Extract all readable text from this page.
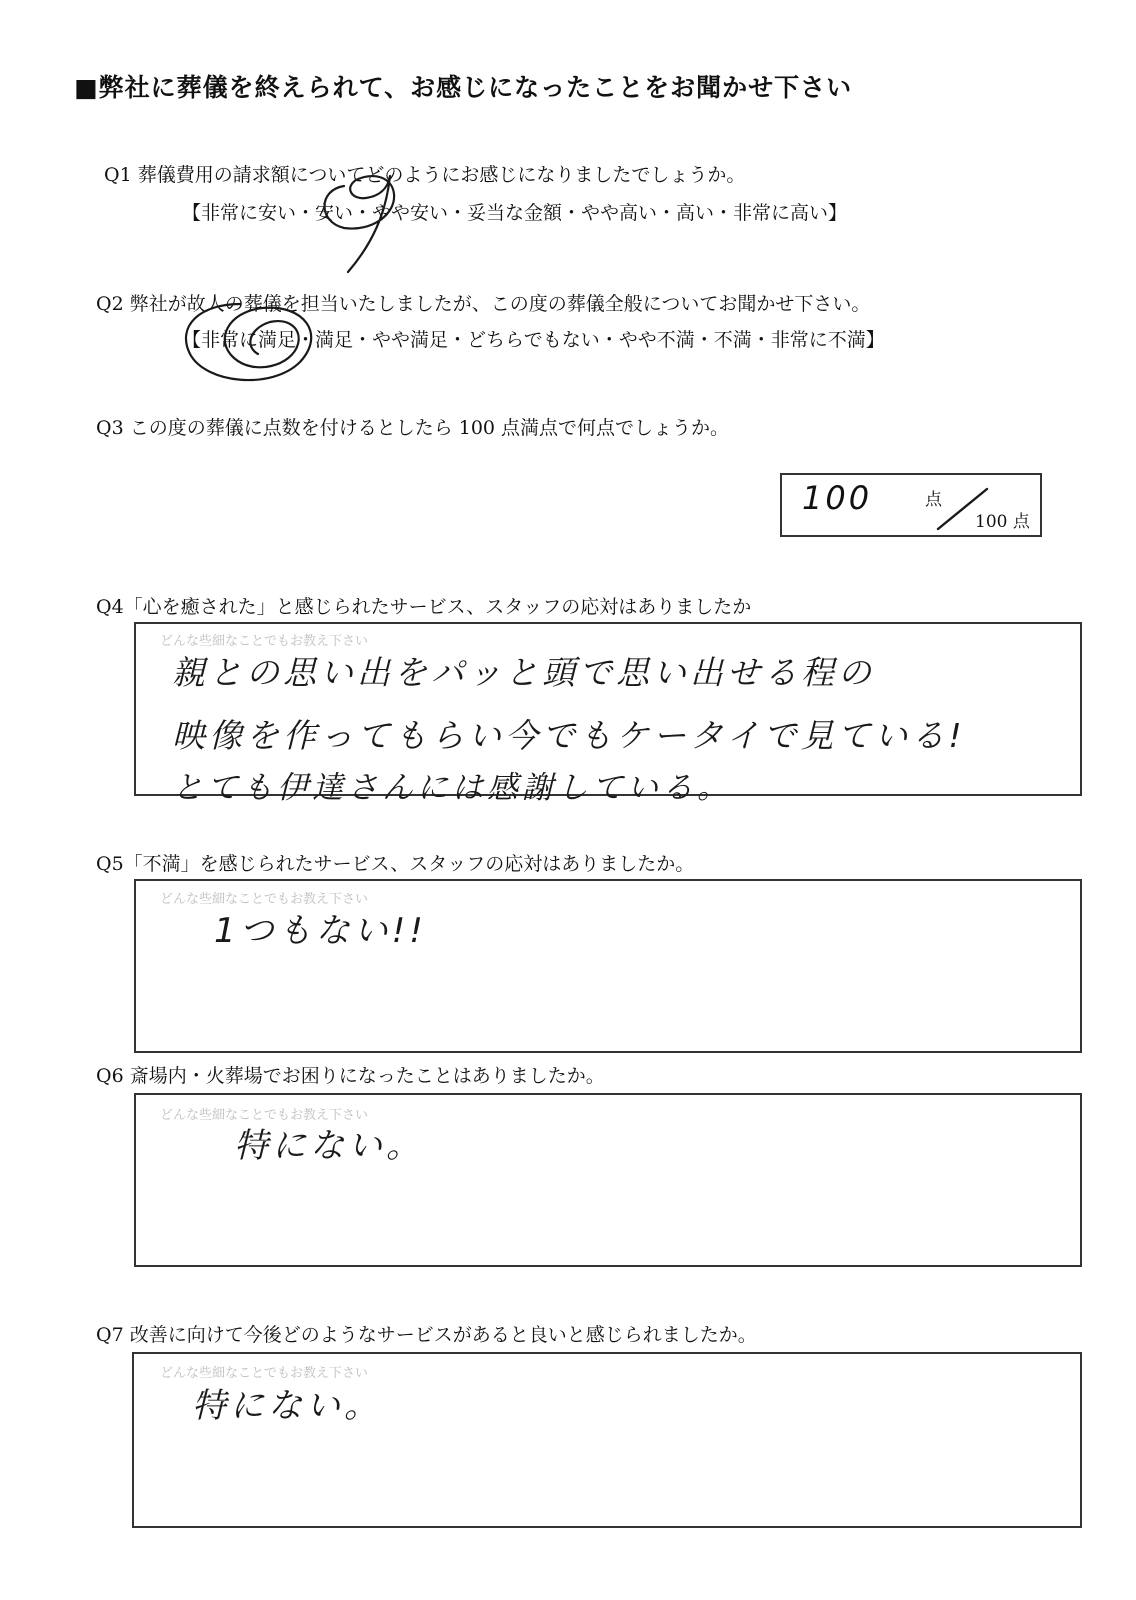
■弊社に葬儀を終えられて、お感じになったことをお聞かせ下さい
Q1 葬儀費用の請求額についてどのようにお感じになりましたでしょうか。
【非常に安い・安い・やや安い・妥当な金額・やや高い・高い・非常に高い】
Q2 弊社が故人の葬儀を担当いたしましたが、この度の葬儀全般についてお聞かせ下さい。
【非常に満足・満足・やや満足・どちらでもない・やや不満・不満・非常に不満】
Q3 この度の葬儀に点数を付けるとしたら 100 点満点で何点でしょうか。
100	点
100 点
Q4「心を癒された」と感じられたサービス、スタッフの応対はありましたか
どんな些細なことでもお教え下さい
親との思い出をパッと頭で思い出せる程の
映像を作ってもらい今でもケータイで見ている!
とても伊達さんには感謝している。
Q5「不満」を感じられたサービス、スタッフの応対はありましたか。
どんな些細なことでもお教え下さい
1つもない!!
Q6 斎場内・火葬場でお困りになったことはありましたか。
どんな些細なことでもお教え下さい
特にない。
Q7 改善に向けて今後どのようなサービスがあると良いと感じられましたか。
どんな些細なことでもお教え下さい
特にない。
